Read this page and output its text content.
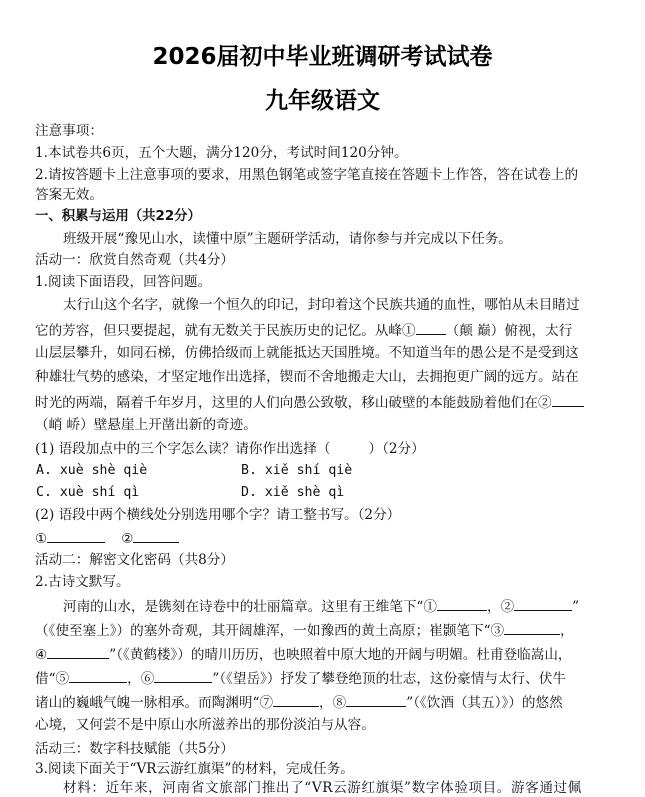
2026届初中毕业班调研考试试卷
九年级语文
注意事项：
1.本试卷共6页，五个大题，满分120分，考试时间120分钟。
2.请按答题卡上注意事项的要求，用黑色钢笔或签字笔直接在答题卡上作答，答在试卷上的
答案无效。
一、积累与运用（共22分）
班级开展“豫见山水，读懂中原”主题研学活动，请你参与并完成以下任务。
活动一：欣赏自然奇观（共4分）
1.阅读下面语段，回答问题。
太行山这个名字，就像一个恒久的印记，封印着这个民族共通的血性，哪怕从未目睹过
它的芳容，但只要提起，就有无数关于民族历史的记忆。从峰① （颠 巅）俯视，太行
山层层攀升，如同石梯，仿佛拾级而上就能抵达天国胜境。不知道当年的愚公是不是受到这
种雄壮气势的感染，才坚定地作出选择，锲而不舍地搬走大山，去拥抱更广阔的远方。站在
时光的两端，隔着千年岁月，这里的人们向愚公致敬，移山破壁的本能鼓励着他们在②
（峭 峤）壁悬崖上开凿出新的奇迹。
(1) 语段加点中的三个字怎么读？请你作出选择（	）（2分）
A. xuè shè qiè	B. xiě shí qiè
C. xuè shí qì	D. xiě shè qì
(2) 语段中两个横线处分别选用哪个字？请工整书写。（2分）
①	②
活动二：解密文化密码（共8分）
2.古诗文默写。
河南的山水，是镌刻在诗卷中的壮丽篇章。这里有王维笔下“①	，②	”
（《使至塞上》）的塞外奇观，其开阔雄浑，一如豫西的黄土高原；崔颢笔下“③	，
④	”（《黄鹤楼》）的晴川历历，也映照着中原大地的开阔与明媚。杜甫登临嵩山，
借“⑤	，⑥	”（《望岳》）抒发了攀登绝顶的壮志，这份豪情与太行、伏牛
诸山的巍峨气魄一脉相承。而陶渊明“⑦	，⑧	”（《饮酒（其五）》）的悠然
心境，又何尝不是中原山水所滋养出的那份淡泊与从容。
活动三：数字科技赋能（共5分）
3.阅读下面关于“VR云游红旗渠”的材料，完成任务。
材料：近年来，河南省文旅部门推出了“VR云游红旗渠”数字体验项目。游客通过佩
